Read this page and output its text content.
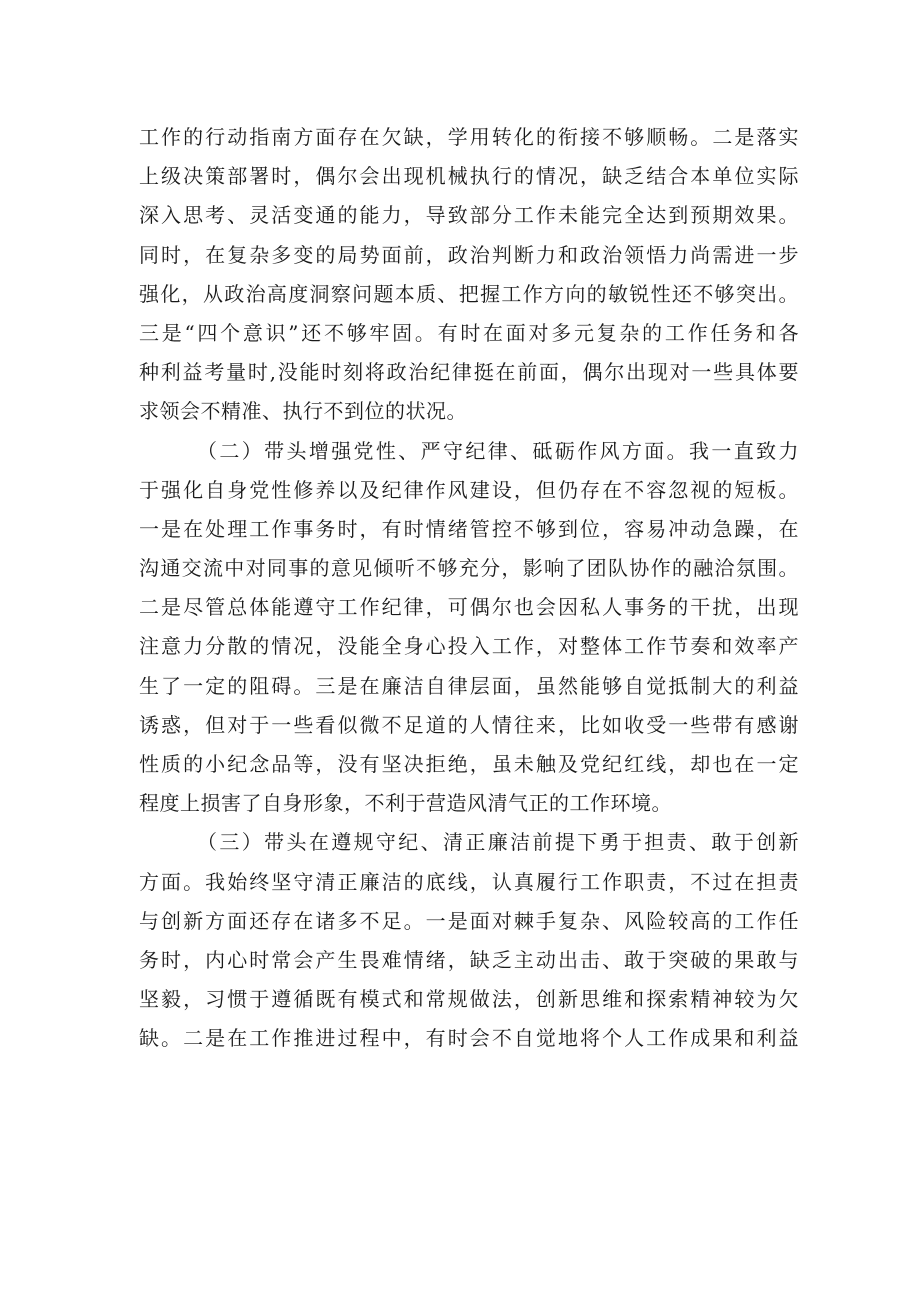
工作的行动指南方面存在欠缺，学用转化的衔接不够顺畅。二是落实
上级决策部署时，偶尔会出现机械执行的情况，缺乏结合本单位实际
深入思考、灵活变通的能力，导致部分工作未能完全达到预期效果。
同时，在复杂多变的局势面前，政治判断力和政治领悟力尚需进一步
强化，从政治高度洞察问题本质、把握工作方向的敏锐性还不够突出。
三是“四个意识”还不够牢固。有时在面对多元复杂的工作任务和各
种利益考量时,没能时刻将政治纪律挺在前面，偶尔出现对一些具体要
求领会不精准、执行不到位的状况。
（二）带头增强党性、严守纪律、砥砺作风方面。我一直致力
于强化自身党性修养以及纪律作风建设，但仍存在不容忽视的短板。
一是在处理工作事务时，有时情绪管控不够到位，容易冲动急躁，在
沟通交流中对同事的意见倾听不够充分，影响了团队协作的融洽氛围。
二是尽管总体能遵守工作纪律，可偶尔也会因私人事务的干扰，出现
注意力分散的情况，没能全身心投入工作，对整体工作节奏和效率产
生了一定的阻碍。三是在廉洁自律层面，虽然能够自觉抵制大的利益
诱惑，但对于一些看似微不足道的人情往来，比如收受一些带有感谢
性质的小纪念品等，没有坚决拒绝，虽未触及党纪红线，却也在一定
程度上损害了自身形象，不利于营造风清气正的工作环境。
（三）带头在遵规守纪、清正廉洁前提下勇于担责、敢于创新
方面。我始终坚守清正廉洁的底线，认真履行工作职责，不过在担责
与创新方面还存在诸多不足。一是面对棘手复杂、风险较高的工作任
务时，内心时常会产生畏难情绪，缺乏主动出击、敢于突破的果敢与
坚毅，习惯于遵循既有模式和常规做法，创新思维和探索精神较为欠
缺。二是在工作推进过程中，有时会不自觉地将个人工作成果和利益
